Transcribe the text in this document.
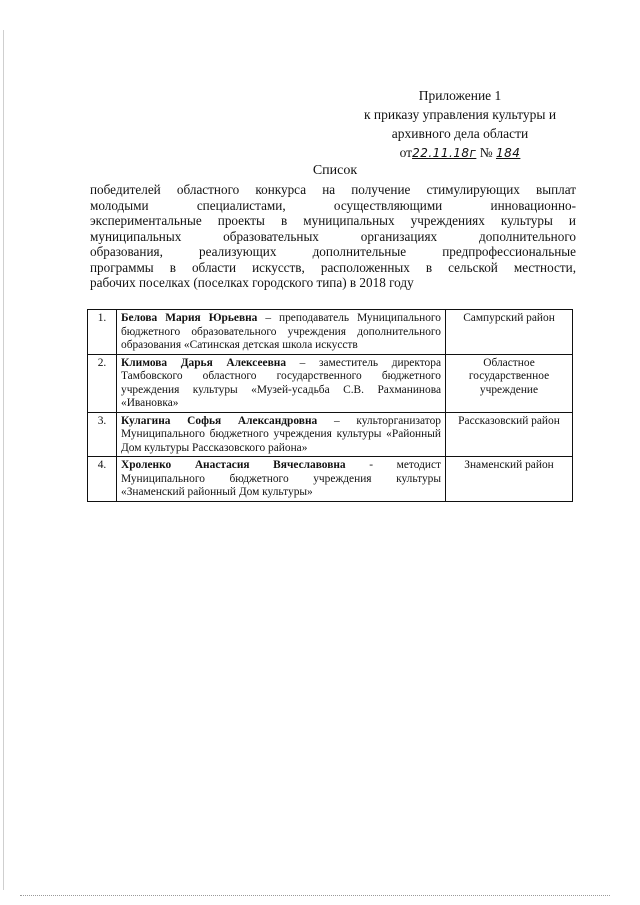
Приложение 1
к приказу управления культуры и
архивного дела области
от22.11.18г № 184
Список
победителей областного конкурса на получение стимулирующих выплат
молодыми специалистами, осуществляющими инновационно-
экспериментальные проекты в муниципальных учреждениях культуры и
муниципальных образовательных организациях дополнительного
образования, реализующих дополнительные предпрофессиональные
программы в области искусств, расположенных в сельской местности,
рабочих поселках (поселках городского типа) в 2018 году
1.	Белова Мария Юрьевна – преподаватель Муниципального бюджетного образовательного учреждения дополнительного образования «Сатинская детская школа искусств	Сампурский район
2.	Климова Дарья Алексеевна – заместитель директора Тамбовского областного государственного бюджетного учреждения культуры «Музей-усадьба С.В. Рахманинова «Ивановка»	Областное государственное учреждение
3.	Кулагина Софья Александровна – культорганизатор Муниципального бюджетного учреждения культуры «Районный Дом культуры Рассказовского района»	Рассказовский район
4.	Хроленко Анастасия Вячеславовна - методист Муниципального бюджетного учреждения культуры «Знаменский районный Дом культуры»	Знаменский район
